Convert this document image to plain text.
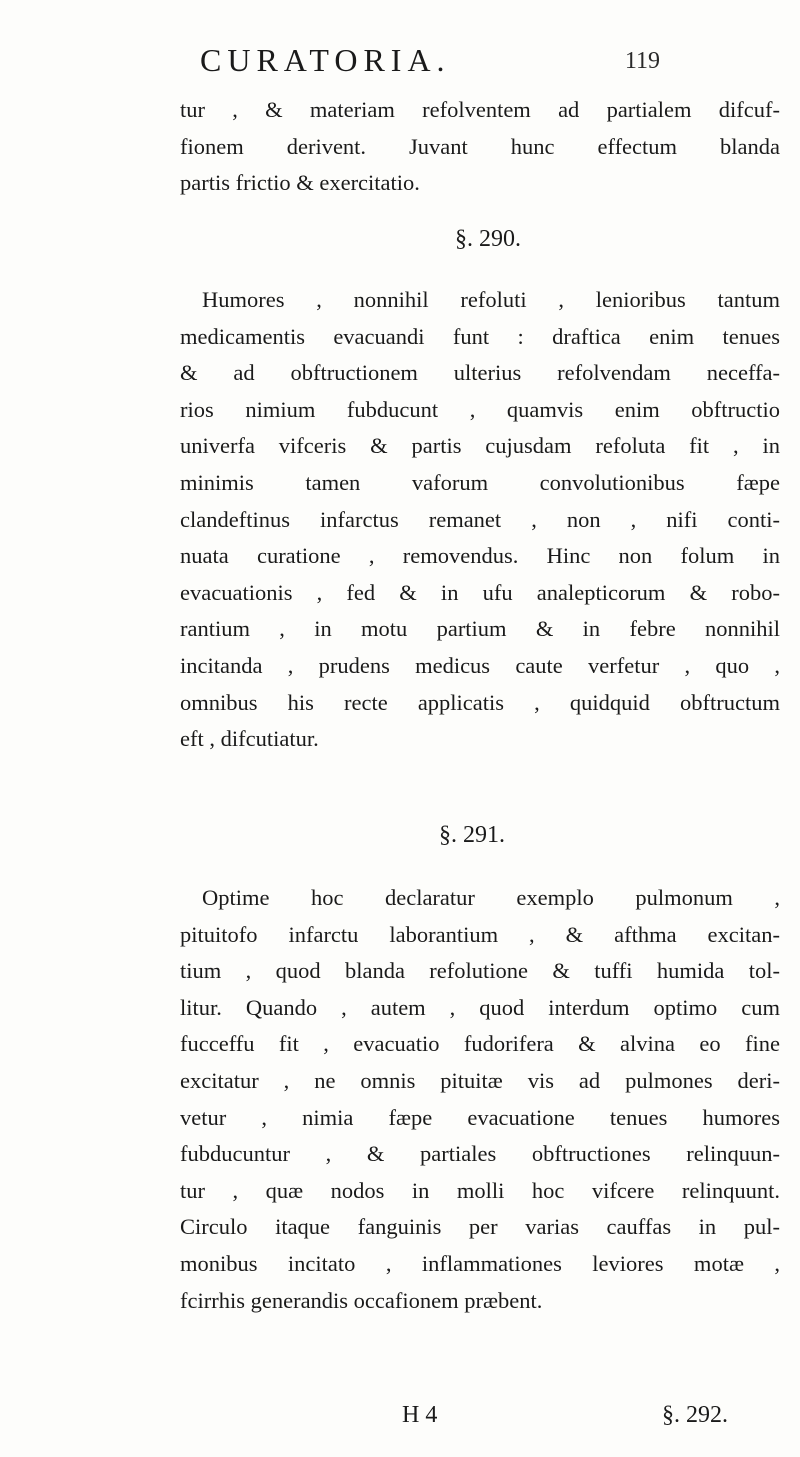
CURATORIA.	119
tur , & materiam refolventem ad partialem difcuf-
fionem derivent. Juvant hunc effectum blanda
partis frictio & exercitatio.
§. 290.
Humores , nonnihil refoluti , lenioribus tantum
medicamentis evacuandi funt : draftica enim tenues
& ad obftructionem ulterius refolvendam neceffa-
rios nimium fubducunt , quamvis enim obftructio
univerfa vifceris & partis cujusdam refoluta fit , in
minimis tamen vaforum convolutionibus fæpe
clandeftinus infarctus remanet , non , nifi conti-
nuata curatione , removendus. Hinc non folum in
evacuationis , fed & in ufu analepticorum & robo-
rantium , in motu partium & in febre nonnihil
incitanda , prudens medicus caute verfetur , quo ,
omnibus his recte applicatis , quidquid obftructum
eft , difcutiatur.
§. 291.
Optime hoc declaratur exemplo pulmonum ,
pituitofo infarctu laborantium , & afthma excitan-
tium , quod blanda refolutione & tuffi humida tol-
litur. Quando , autem , quod interdum optimo cum
fucceffu fit , evacuatio fudorifera & alvina eo fine
excitatur , ne omnis pituitæ vis ad pulmones deri-
vetur , nimia fæpe evacuatione tenues humores
fubducuntur , & partiales obftructiones relinquun-
tur , quæ nodos in molli hoc vifcere relinquunt.
Circulo itaque fanguinis per varias cauffas in pul-
monibus incitato , inflammationes leviores motæ ,
fcirrhis generandis occafionem præbent.
H 4	§. 292.
